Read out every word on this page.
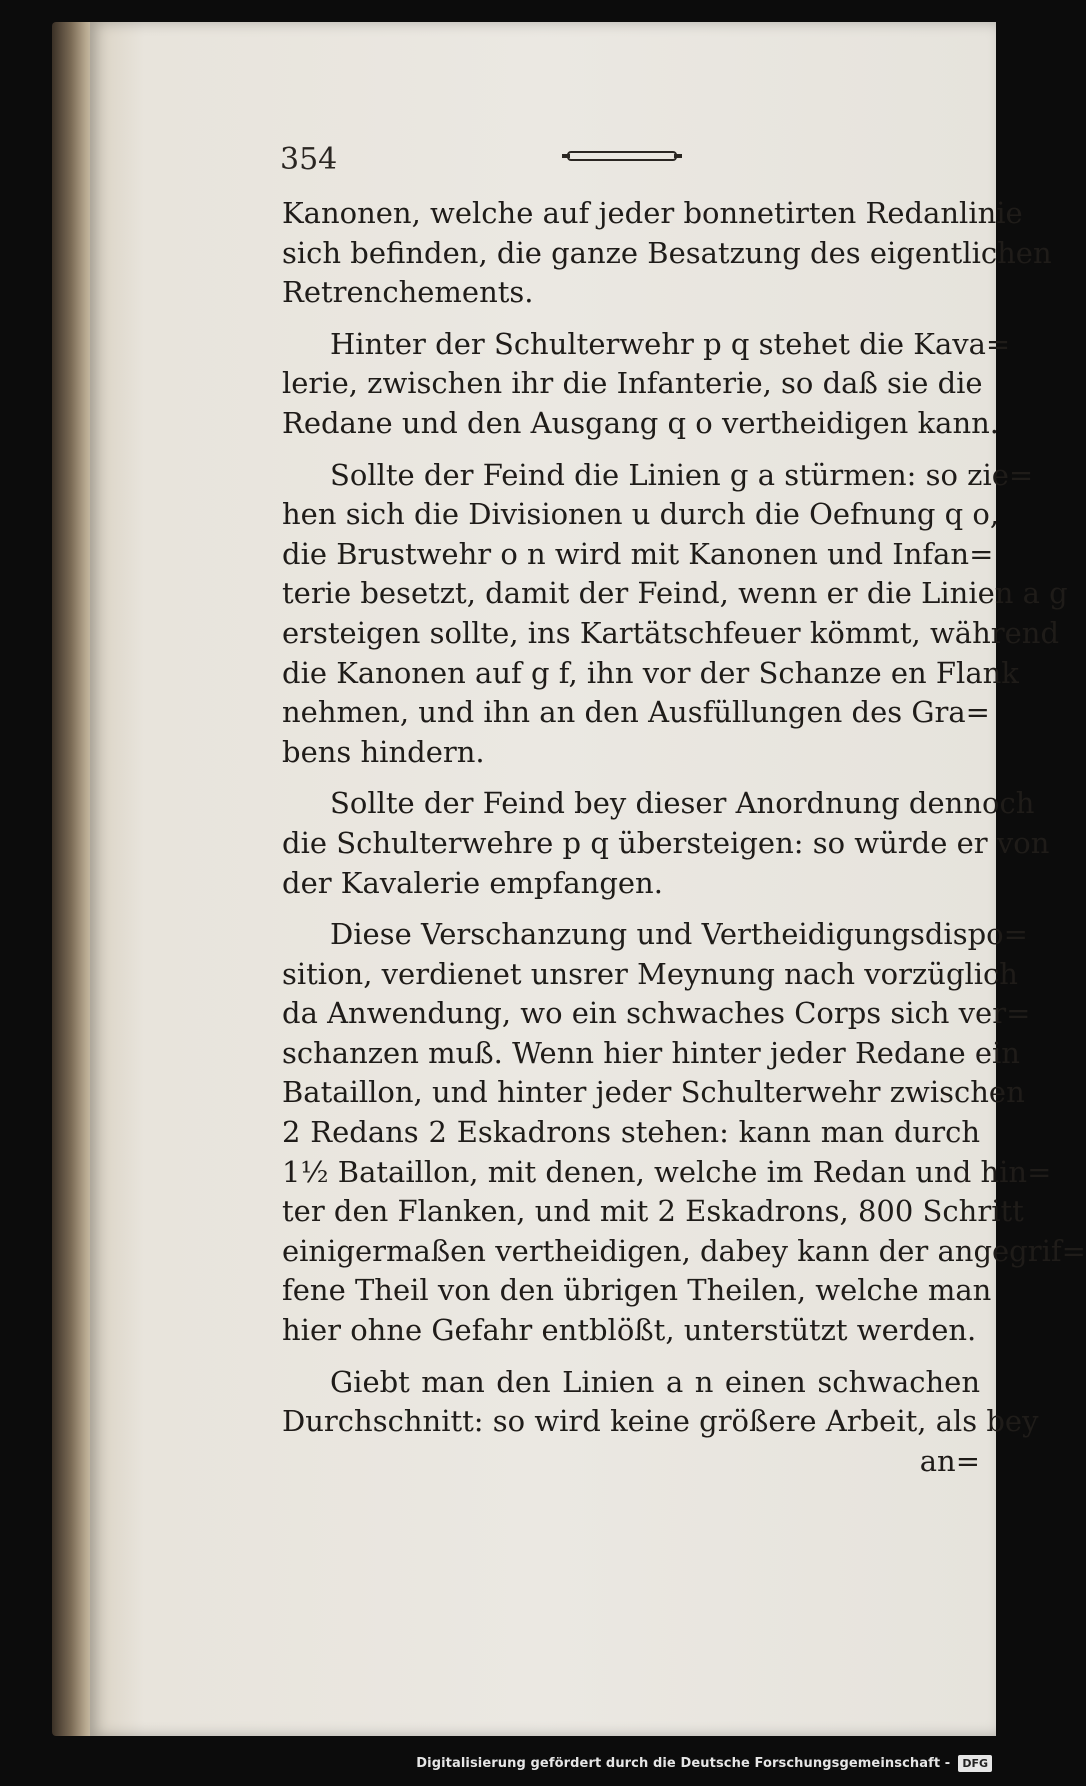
354
Kanonen, welche auf jeder bonnetirten Redanlinie
sich befinden, die ganze Besatzung des eigentlichen
Retrenchements.
Hinter der Schulterwehr p q stehet die Kava=
lerie, zwischen ihr die Infanterie, so daß sie die
Redane und den Ausgang q o vertheidigen kann.
Sollte der Feind die Linien g a stürmen: so zie=
hen sich die Divisionen u durch die Oefnung q o,
die Brustwehr o n wird mit Kanonen und Infan=
terie besetzt, damit der Feind, wenn er die Linien a g
ersteigen sollte, ins Kartätschfeuer kömmt, während
die Kanonen auf g f, ihn vor der Schanze en Flank
nehmen, und ihn an den Ausfüllungen des Gra=
bens hindern.
Sollte der Feind bey dieser Anordnung dennoch
die Schulterwehre p q übersteigen: so würde er von
der Kavalerie empfangen.
Diese Verschanzung und Vertheidigungsdispo=
sition, verdienet unsrer Meynung nach vorzüglich
da Anwendung, wo ein schwaches Corps sich ver=
schanzen muß. Wenn hier hinter jeder Redane ein
Bataillon, und hinter jeder Schulterwehr zwischen
2 Redans 2 Eskadrons stehen: kann man durch
1½ Bataillon, mit denen, welche im Redan und hin=
ter den Flanken, und mit 2 Eskadrons, 800 Schritt
einigermaßen vertheidigen, dabey kann der angegrif=
fene Theil von den übrigen Theilen, welche man
hier ohne Gefahr entblößt, unterstützt werden.
Giebt man den Linien a n einen schwachen
Durchschnitt: so wird keine größere Arbeit, als bey
an=
Digitalisierung gefördert durch die Deutsche Forschungsgemeinschaft -	DFG
